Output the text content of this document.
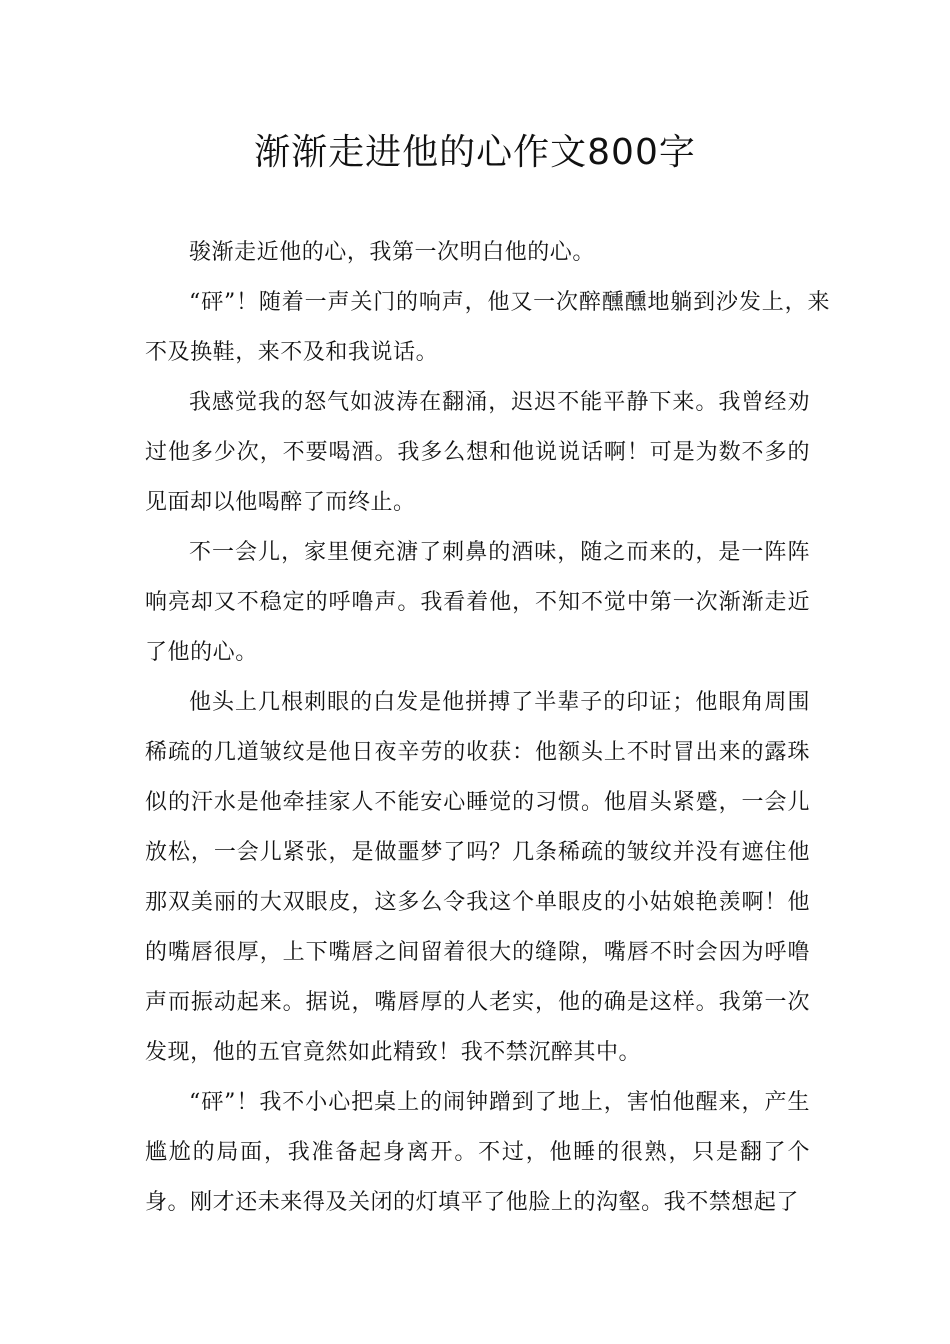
渐渐走进他的心作文800字

骏渐走近他的心，我第一次明白他的心。

“砰”！随着一声关门的响声，他又一次醉醺醺地躺到沙发上，来不及换鞋，来不及和我说话。

我感觉我的怒气如波涛在翻涌，迟迟不能平静下来。我曾经劝过他多少次，不要喝酒。我多么想和他说说话啊！可是为数不多的见面却以他喝醉了而终止。

不一会儿，家里便充溏了刺鼻的酒味，随之而来的，是一阵阵响亮却又不稳定的呼噜声。我看着他，不知不觉中第一次渐渐走近了他的心。

他头上几根刺眼的白发是他拼搏了半辈子的印证；他眼角周围稀疏的几道皱纹是他日夜辛劳的收获：他额头上不时冒出来的露珠似的汗水是他牵挂家人不能安心睡觉的习惯。他眉头紧蹙，一会儿放松，一会儿紧张，是做噩梦了吗？几条稀疏的皱纹并没有遮住他那双美丽的大双眼皮，这多么令我这个单眼皮的小姑娘艳羡啊！他的嘴唇很厚，上下嘴唇之间留着很大的缝隙，嘴唇不时会因为呼噜声而振动起来。据说，嘴唇厚的人老实，他的确是这样。我第一次发现，他的五官竟然如此精致！我不禁沉醉其中。

“砰”！我不小心把桌上的闹钟蹭到了地上，害怕他醒来，产生尴尬的局面，我准备起身离开。不过，他睡的很熟，只是翻了个身。刚才还未来得及关闭的灯填平了他脸上的沟壑。我不禁想起了
